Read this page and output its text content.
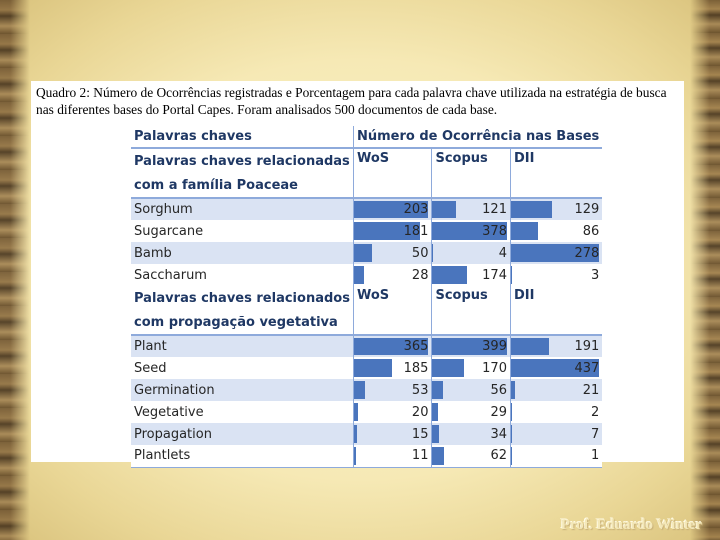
Quadro 2: Número de Ocorrências registradas e Porcentagem para cada palavra chave utilizada na estratégia de busca nas diferentes bases do Portal Capes. Foram analisados 500 documentos de cada base.
Palavras chaves	Número de Ocorrência nas Bases		

Palavras chaves relacionadas	WoS	Scopus	DII

com a família Poaceae			

Sorghum	203	121	129
Sugarcane	181	378	86
Bamb	50	4	278
Saccharum	28	174	3

Palavras chaves relacionados	WoS	Scopus	DII

com propagação vegetativa			

Plant	365	399	191
Seed	185	170	437
Germination	53	56	21
Vegetative	20	29	2
Propagation	15	34	7
Plantlets	11	62	1
Prof. Eduardo Winter
